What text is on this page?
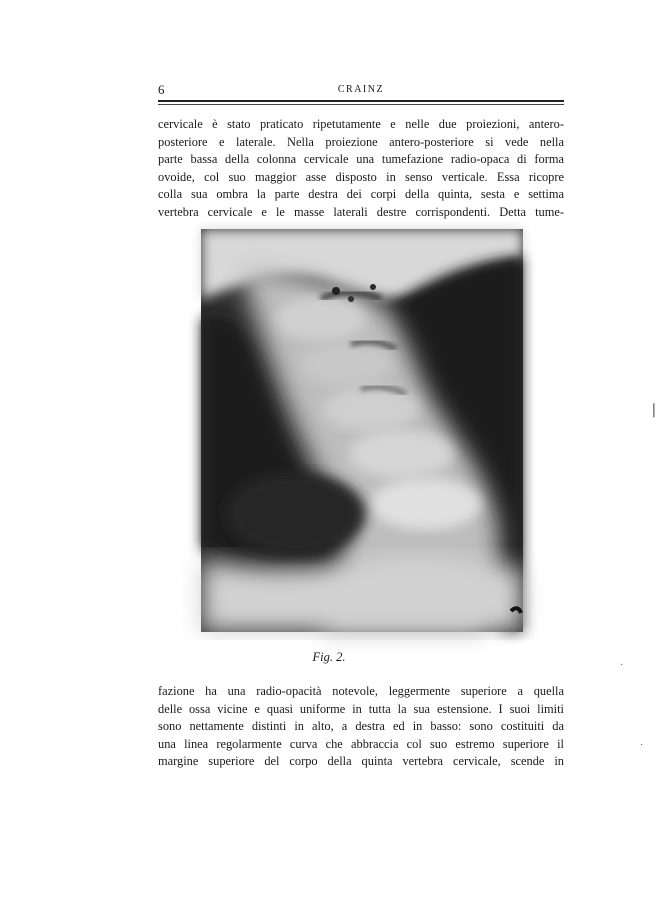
6	CRAINZ
cervicale è stato praticato ripetutamente e nelle due proiezioni, antero-
posteriore e laterale. Nella proiezione antero-posteriore si vede nella
parte bassa della colonna cervicale una tumefazione radio-opaca di forma
ovoide, col suo maggior asse disposto in senso verticale. Essa ricopre
colla sua ombra la parte destra dei corpi della quinta, sesta e settima
vertebra cervicale e le masse laterali destre corrispondenti. Detta tume-
Fig. 2.
fazione ha una radio-opacità notevole, leggermente superiore a quella
delle ossa vicine e quasi uniforme in tutta la sua estensione. I suoi limiti
sono nettamente distinti in alto, a destra ed in basso: sono costituiti da
una linea regolarmente curva che abbraccia col suo estremo superiore il
margine superiore del corpo della quinta vertebra cervicale, scende in
❘
·
·
